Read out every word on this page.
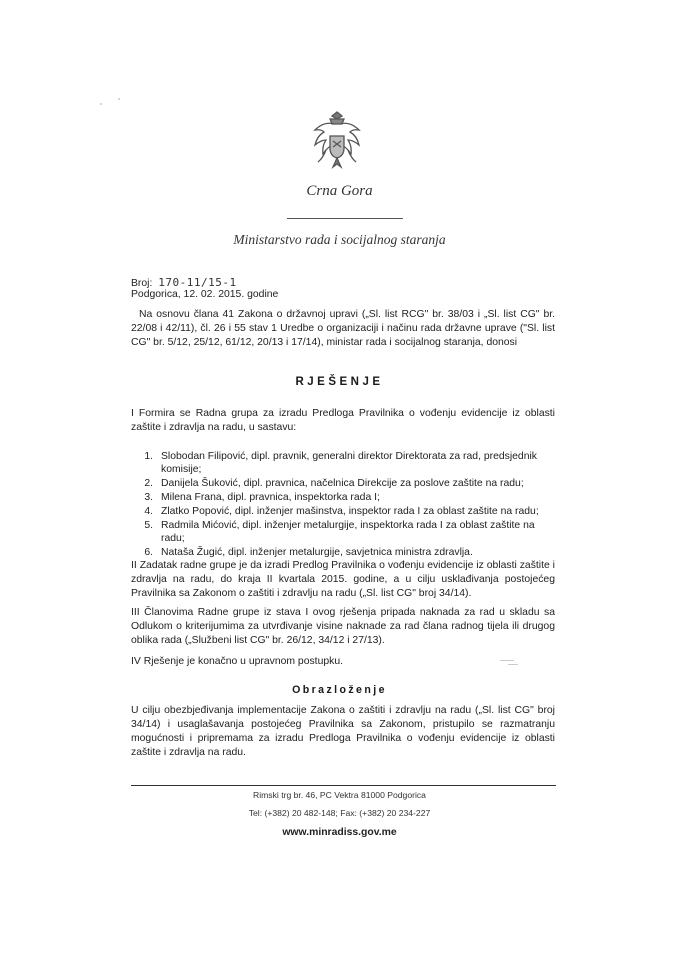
Crna Gora
Ministarstvo rada i socijalnog staranja
Broj: 170-11/15-1
Podgorica, 12. 02. 2015. godine
Na osnovu člana 41 Zakona o državnoj upravi („Sl. list RCG" br. 38/03 i „Sl. list CG" br. 22/08 i 42/11), čl. 26 i 55 stav 1 Uredbe o organizaciji i načinu rada državne uprave ("Sl. list CG" br. 5/12, 25/12, 61/12, 20/13 i 17/14), ministar rada i socijalnog staranja, donosi
RJEŠENJE
I Formira se Radna grupa za izradu Predloga Pravilnika o vođenju evidencije iz oblasti zaštite i zdravlja na radu, u sastavu:
1. Slobodan Filipović, dipl. pravnik, generalni direktor Direktorata za rad, predsjednik komisije;
2. Danijela Šuković, dipl. pravnica, načelnica Direkcije za poslove zaštite na radu;
3. Milena Frana, dipl. pravnica, inspektorka rada I;
4. Zlatko Popović, dipl. inženjer mašinstva, inspektor rada I za oblast zaštite na radu;
5. Radmila Mićović, dipl. inženjer metalurgije, inspektorka rada I za oblast zaštite na radu;
6. Nataša Žugić, dipl. inženjer metalurgije, savjetnica ministra zdravlja.
II Zadatak radne grupe je da izradi Predlog Pravilnika o vođenju evidencije iz oblasti zaštite i zdravlja na radu, do kraja II kvartala 2015. godine, a u cilju usklađivanja postojećeg Pravilnika sa Zakonom o zaštiti i zdravlju na radu („Sl. list CG" broj 34/14).
III Članovima Radne grupe iz stava I ovog rješenja pripada naknada za rad u skladu sa Odlukom o kriterijumima za utvrđivanje visine naknade za rad člana radnog tijela ili drugog oblika rada („Službeni list CG" br. 26/12, 34/12 i 27/13).
IV Rješenje je konačno u upravnom postupku.
Obrazloženje
U cilju obezbjeđivanja implementacije Zakona o zaštiti i zdravlju na radu („Sl. list CG" broj 34/14) i usaglašavanja postojećeg Pravilnika sa Zakonom, pristupilo se razmatranju mogućnosti i pripremama za izradu Predloga Pravilnika o vođenju evidencije iz oblasti zaštite i zdravlja na radu.
Rimski trg br. 46, PC Vektra 81000 Podgorica
Tel: (+382) 20 482-148; Fax: (+382) 20 234-227
www.minradiss.gov.me
